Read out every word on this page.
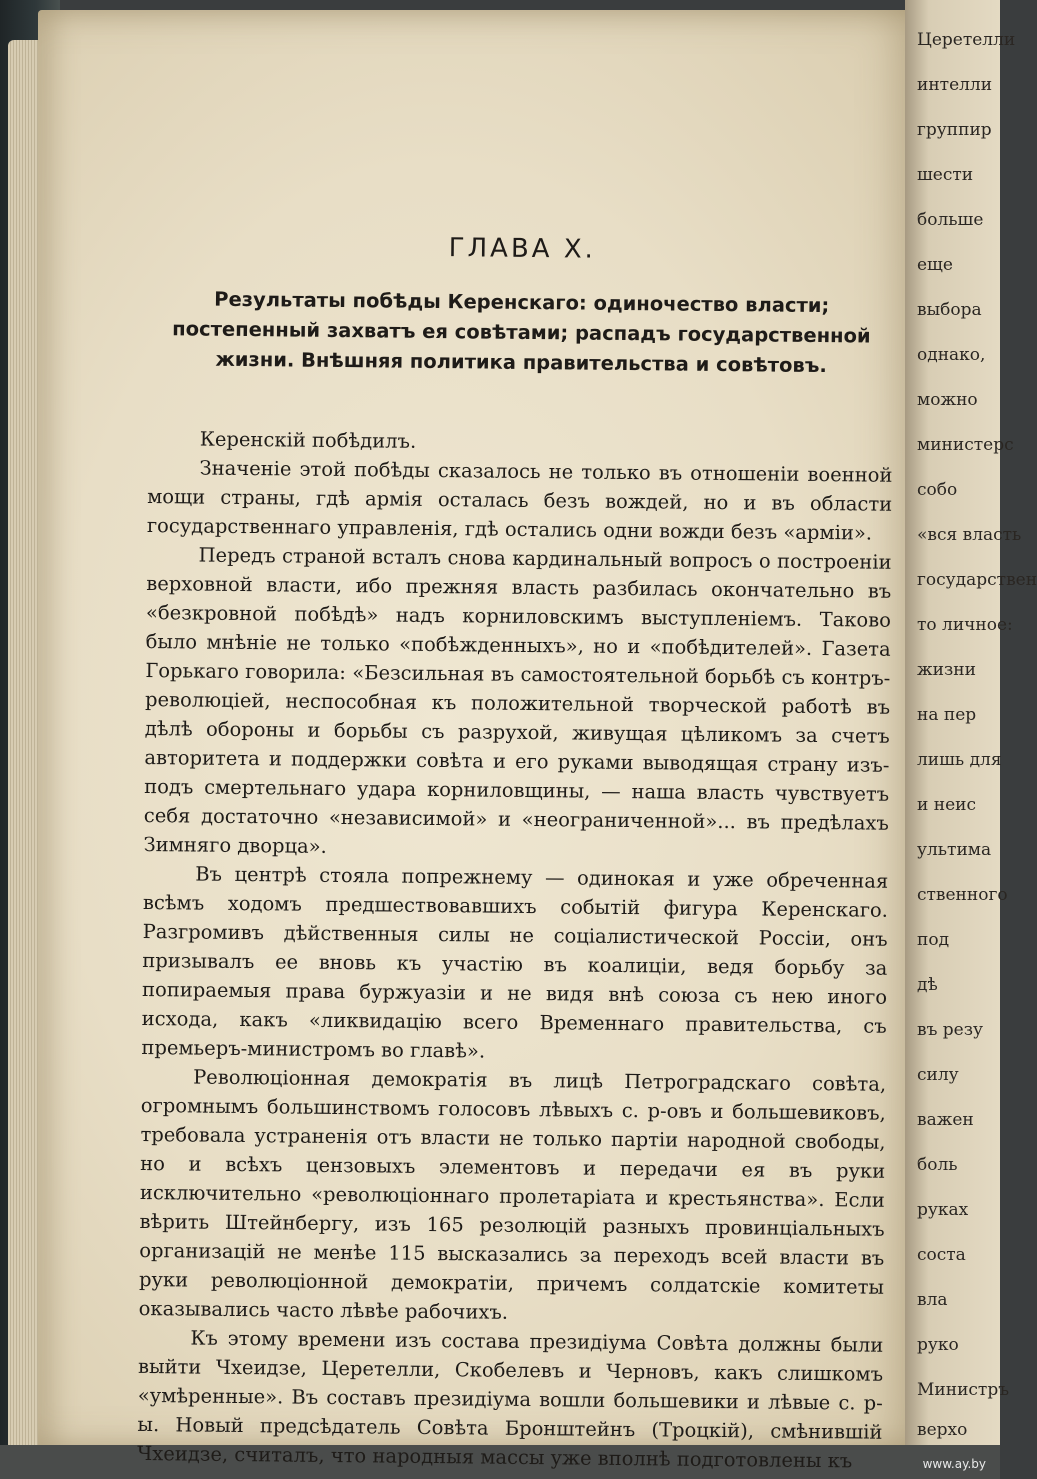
Церетелли
интелли
группир
шести
больше
еще
выбора
однако,
можно
министерс
собо
«вся власть
государствен
то личное:
жизни
на пер
лишь для
и неис
ультима
ственного
под
дѣ
въ резу
силу
важен
боль
руках
соста
вла
руко
Министръ
верхо
ГЛАВА X.

Результаты побѣды Керенскаго: одиночество власти; постепенный захватъ ея совѣтами; распадъ государственной жизни. Внѣшняя политика правительства и совѣтовъ.

Керенскій побѣдилъ.

Значеніе этой побѣды сказалось не только въ отношеніи военной мощи страны, гдѣ армія осталась безъ вождей, но и въ области государственнаго управленія, гдѣ остались одни вожди безъ «арміи».

Передъ страной всталъ снова кардинальный вопросъ о построеніи верховной власти, ибо прежняя власть разбилась окончательно въ «безкровной побѣдѣ» надъ корниловскимъ выступленіемъ. Таково было мнѣніе не только «побѣжденныхъ», но и «побѣдителей». Газета Горькаго говорила: «Безсильная въ самостоятельной борьбѣ съ контръ-революціей, неспособная къ положительной творческой работѣ въ дѣлѣ обороны и борьбы съ разрухой, живущая цѣликомъ за счетъ авторитета и поддержки совѣта и его руками выводящая страну изъ-подъ смертельнаго удара корниловщины, — наша власть чувствуетъ себя достаточно «независимой» и «неограниченной»... въ предѣлахъ Зимняго дворца».

Въ центрѣ стояла попрежнему — одинокая и уже обреченная всѣмъ ходомъ предшествовавшихъ событій фигура Керенскаго. Разгромивъ дѣйственныя силы не соціалистической Россіи, онъ призывалъ ее вновь къ участію въ коалиціи, ведя борьбу за попираемыя права буржуазіи и не видя внѣ союза съ нею иного исхода, какъ «ликвидацію всего Временнаго правительства, съ премьеръ-министромъ во главѣ».

Революціонная демократія въ лицѣ Петроградскаго совѣта, огромнымъ большинствомъ голосовъ лѣвыхъ с. р-овъ и большевиковъ, требовала устраненія отъ власти не только партіи народной свободы, но и всѣхъ цензовыхъ элементовъ и передачи ея въ руки исключительно «революціоннаго пролетаріата и крестьянства». Если вѣрить Штейнбергу, изъ 165 резолюцій разныхъ провинціальныхъ организацій не менѣе 115 высказались за переходъ всей власти въ руки революціонной демократіи, причемъ солдатскіе комитеты оказывались часто лѣвѣе рабочихъ.

Къ этому времени изъ состава президіума Совѣта должны были выйти Чхеидзе, Церетелли, Скобелевъ и Черновъ, какъ слишкомъ «умѣренные». Въ составъ президіума вошли большевики и лѣвые с. р-ы. Новый предсѣдатель Совѣта Бронштейнъ (Троцкій), смѣнившій Чхеидзе, считалъ, что народныя массы уже вполнѣ подготовлены къ	www.ay.by
